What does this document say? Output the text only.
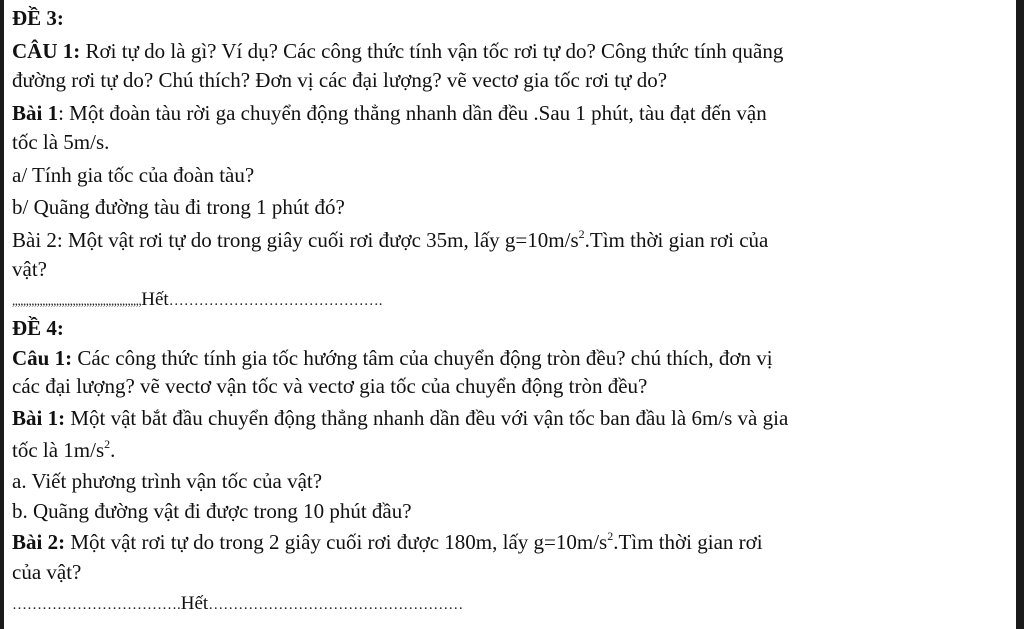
ĐỀ 3:
CÂU 1: Rơi tự do là gì? Ví dụ? Các công thức tính vận tốc rơi tự do? Công thức tính quãng
đường rơi tự do? Chú thích? Đơn vị các đại lượng? vẽ vectơ gia tốc rơi tự do?
Bài 1: Một đoàn tàu rời ga chuyển động thẳng nhanh dần đều .Sau 1 phút, tàu đạt đến vận
tốc là 5m/s.
a/ Tính gia tốc của đoàn tàu?
b/ Quãng đường tàu đi trong 1 phút đó?
Bài 2: Một vật rơi tự do trong giây cuối rơi được 35m, lấy $g=10m/s^2.Tìm$ thời gian rơi của
vật?
,,,,,,,,,,,,,,,,,,,,,,,,,,,,,,,,,,,,,,,,,,,,,,,Hết…………………………………….
ĐỀ 4:
Câu 1: Các công thức tính gia tốc hướng tâm của chuyển động tròn đều? chú thích, đơn vị
các đại lượng? vẽ vectơ vận tốc và vectơ gia tốc của chuyển động tròn đều?
Bài 1: Một vật bắt đầu chuyển động thẳng nhanh dần đều với vận tốc ban đầu là 6m/s và gia
tốc là $1m/s^2$.
a. Viết phương trình vận tốc của vật?
b. Quãng đường vật đi được trong 10 phút đầu?
Bài 2: Một vật rơi tự do trong 2 giây cuối rơi được 180m, lấy $g=10m/s^2.Tìm$ thời gian rơi
của vật?
…………………………….Hết……………………………………………
